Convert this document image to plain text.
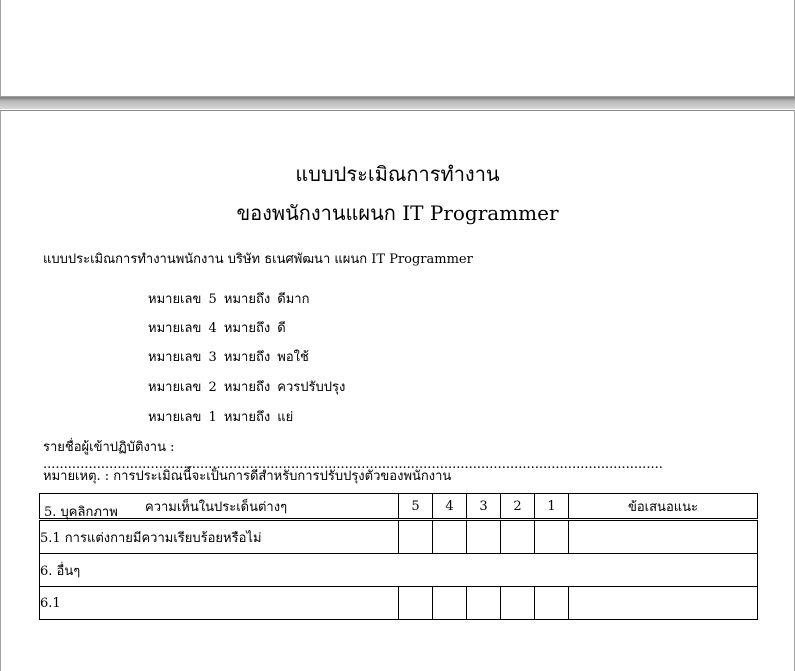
แบบประเมิณการทำงาน
ของพนักงานแผนก IT Programmer
แบบประเมิณการทำงานพนักงาน บริษัท ธเนศพัฒนา แผนก IT Programmer
หมายเลข 5 หมายถึง ดีมาก
หมายเลข 4 หมายถึง ดี
หมายเลข 3 หมายถึง พอใช้
หมายเลข 2 หมายถึง ควรปรับปรุง
หมายเลข 1 หมายถึง แย่
รายชื่อผู้เข้าปฏิบัติงาน : ......................................................................................................................................................
หมายเหตุ. : การประเมิณนี้จะเป็นการดีสำหรับการปรับปรุงตัวของพนักงาน
5. บุคลิกภาพ ความเห็นในประเด็นต่างๆ	5	4	3	2	1	ข้อเสนอแนะ
5.1 การแต่งกายมีความเรียบร้อยหรือไม่						
6. อื่นๆ						
6.1						
